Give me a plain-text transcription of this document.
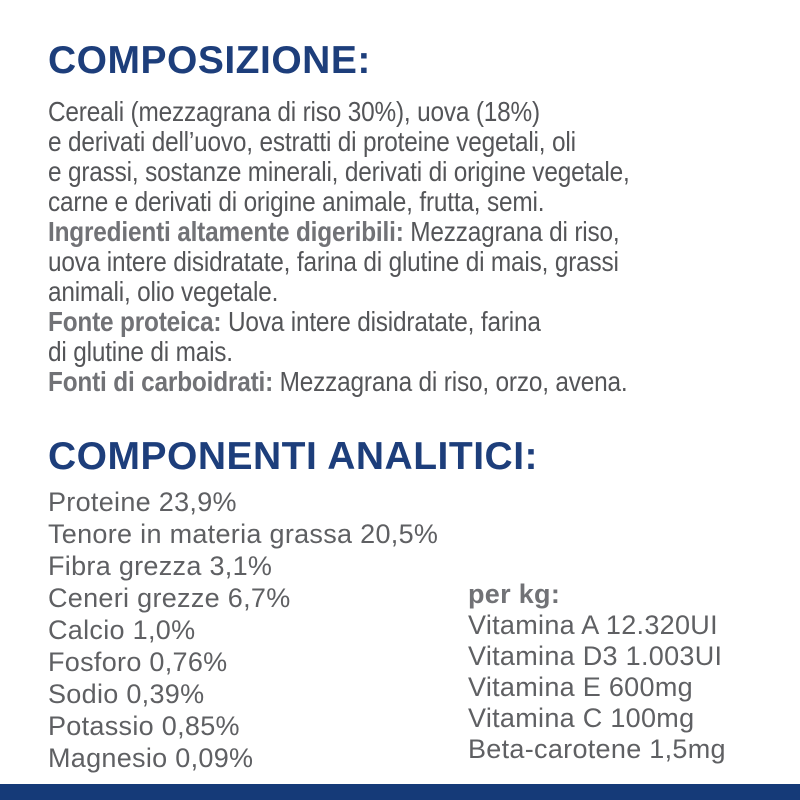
COMPOSIZIONE:
Cereali (mezzagrana di riso 30%), uova (18%)
e derivati dell’uovo, estratti di proteine vegetali, oli
e grassi, sostanze minerali, derivati di origine vegetale,
carne e derivati di origine animale, frutta, semi.
Ingredienti altamente digeribili: Mezzagrana di riso,
uova intere disidratate, farina di glutine di mais, grassi
animali, olio vegetale.
Fonte proteica: Uova intere disidratate, farina
di glutine di mais.
Fonti di carboidrati: Mezzagrana di riso, orzo, avena.
COMPONENTI ANALITICI:
Proteine 23,9%
Tenore in materia grassa 20,5%
Fibra grezza 3,1%
Ceneri grezze 6,7%
Calcio 1,0%
Fosforo 0,76%
Sodio 0,39%
Potassio 0,85%
Magnesio 0,09%
per kg:
Vitamina A 12.320UI
Vitamina D3 1.003UI
Vitamina E 600mg
Vitamina C 100mg
Beta-carotene 1,5mg
